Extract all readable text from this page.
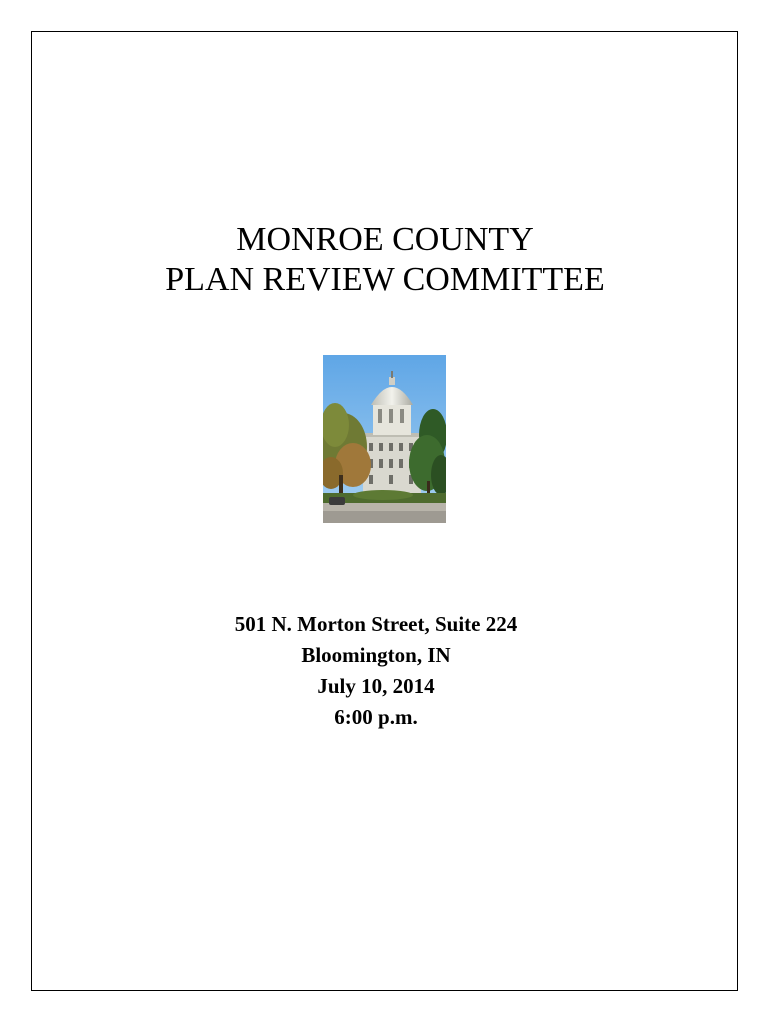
MONROE COUNTY
PLAN REVIEW COMMITTEE
501 N. Morton Street, Suite 224
Bloomington, IN
July 10, 2014
6:00 p.m.
